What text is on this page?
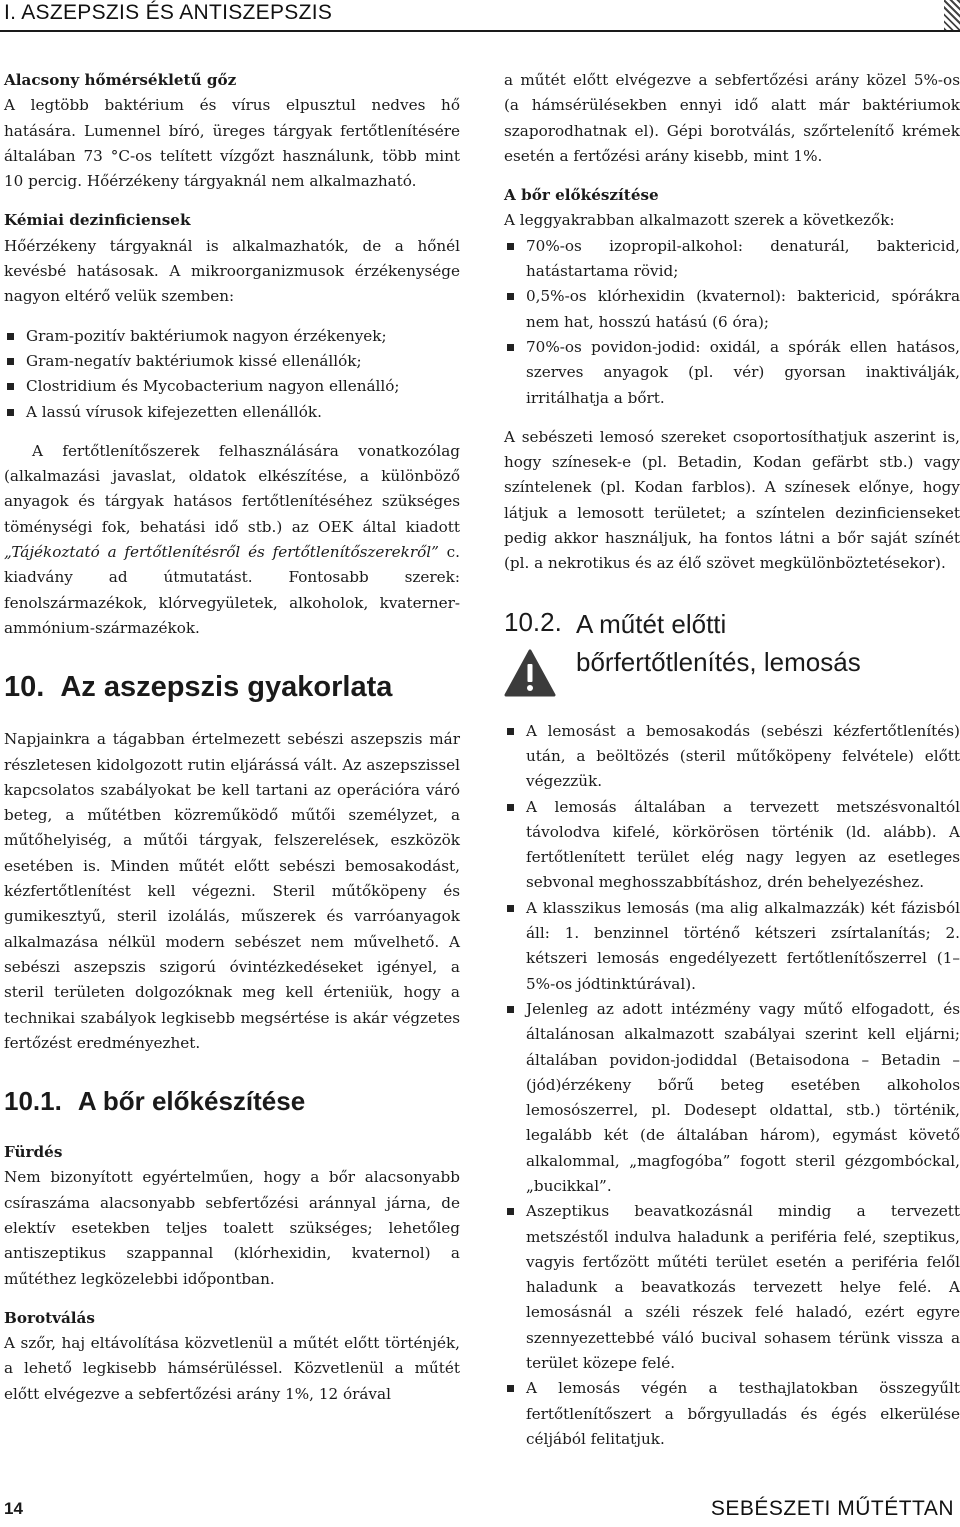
I. ASZEPSZIS ÉS ANTISZEPSZIS

Alacsony hőmérsékletű gőz

A legtöbb baktérium és vírus elpusztul nedves hő hatására. Lumennel bíró, üreges tárgyak fertőtlenítésére általában 73 °C-os telített vízgőzt használunk, több mint 10 percig. Hőérzékeny tárgyaknál nem alkalmazható.

Kémiai dezinficiensek

Hőérzékeny tárgyaknál is alkalmazhatók, de a hőnél kevésbé hatásosak. A mikroorganizmusok érzékenysége nagyon eltérő velük szemben:

Gram-pozitív baktériumok nagyon érzékenyek;
Gram-negatív baktériumok kissé ellenállók;
Clostridium és Mycobacterium nagyon ellenálló;
A lassú vírusok kifejezetten ellenállók.

A fertőtlenítőszerek felhasználására vonatkozólag (alkalmazási javaslat, oldatok elkészítése, a különböző anyagok és tárgyak hatásos fertőtlenítéséhez szükséges töménységi fok, behatási idő stb.) az OEK által kiadott „Tájékoztató a fertőtlenítésről és fertőtlenítőszerekről” c. kiadvány ad útmutatást. Fontosabb szerek: fenolszármazékok, klórvegyületek, alkoholok, kvaterner-ammónium-származékok.

10. Az aszepszis gyakorlata

Napjainkra a tágabban értelmezett sebészi aszepszis már részletesen kidolgozott rutin eljárássá vált. Az aszepszissel kapcsolatos szabályokat be kell tartani az operációra váró beteg, a műtétben közreműködő műtői személyzet, a műtőhelyiség, a műtői tárgyak, felszerelések, eszközök esetében is. Minden műtét előtt sebészi bemosakodást, kézfertőtlenítést kell végezni. Steril műtőköpeny és gumikesztyű, steril izolálás, műszerek és varróanyagok alkalmazása nélkül modern sebészet nem művelhető. A sebészi aszepszis szigorú óvintézkedéseket igényel, a steril területen dolgozóknak meg kell érteniük, hogy a technikai szabályok legkisebb megsértése is akár végzetes fertőzést eredményezhet.

10.1. A bőr előkészítése

Fürdés

Nem bizonyított egyértelműen, hogy a bőr alacsonyabb csíraszáma alacsonyabb sebfertőzési aránnyal járna, de elektív esetekben teljes toalett szükséges; lehetőleg antiszeptikus szappannal (klórhexidin, kvaternol) a műtéthez legközelebbi időpontban.

Borotválás

A szőr, haj eltávolítása közvetlenül a műtét előtt történjék, a lehető legkisebb hámsérüléssel. Közvetlenül a műtét előtt elvégezve a sebfertőzési arány 1%, 12 órával

a műtét előtt elvégezve a sebfertőzési arány közel 5%-os (a hámsérülésekben ennyi idő alatt már baktériumok szaporodhatnak el). Gépi borotválás, szőrtelenítő krémek esetén a fertőzési arány kisebb, mint 1%.

A bőr előkészítése

A leggyakrabban alkalmazott szerek a következők:

70%-os izopropil-alkohol: denaturál, baktericid, hatástartama rövid;
0,5%-os klórhexidin (kvaternol): baktericid, spórákra nem hat, hosszú hatású (6 óra);
70%-os povidon-jodid: oxidál, a spórák ellen hatásos, szerves anyagok (pl. vér) gyorsan inaktiválják, irritálhatja a bőrt.

A sebészeti lemosó szereket csoportosíthatjuk aszerint is, hogy színesek-e (pl. Betadin, Kodan gefärbt stb.) vagy színtelenek (pl. Kodan farblos). A színesek előnye, hogy látjuk a lemosott területet; a színtelen dezinficienseket pedig akkor használjuk, ha fontos látni a bőr saját színét (pl. a nekrotikus és az élő szövet megkülönböztetésekor).

10.2. A műtét előtti
bőrfertőtlenítés, lemosás
A lemosást a bemosakodás (sebészi kézfertőtlenítés) után, a beöltözés (steril műtőköpeny felvétele) előtt végezzük.
A lemosás általában a tervezett metszésvonaltól távolodva kifelé, körkörösen történik (ld. alább). A fertőtlenített terület elég nagy legyen az esetleges sebvonal meghosszabbításhoz, drén behelyezéshez.
A klasszikus lemosás (ma alig alkalmazzák) két fázisból áll: 1. benzinnel történő kétszeri zsírtalanítás; 2. kétszeri lemosás engedélyezett fertőtlenítőszerrel (1–5%-os jódtinktúrával).
Jelenleg az adott intézmény vagy műtő elfogadott, és általánosan alkalmazott szabályai szerint kell eljárni; általában povidon-jodiddal (Betaisodona – Betadin – (jód)érzékeny bőrű beteg esetében alkoholos lemosószerrel, pl. Dodesept oldattal, stb.) történik, legalább két (de általában három), egymást követő alkalommal, „magfogóba” fogott steril gézgombóckal, „bucikkal”.
Aszeptikus beavatkozásnál mindig a tervezett metszéstől indulva haladunk a periféria felé, szeptikus, vagyis fertőzött műtéti terület esetén a periféria felől haladunk a beavatkozás tervezett helye felé. A lemosásnál a széli részek felé haladó, ezért egyre szennyezettebbé váló bucival sohasem térünk vissza a terület közepe felé.
A lemosás végén a testhajlatokban összegyűlt fertőtlenítőszert a bőrgyulladás és égés elkerülése céljából felitatjuk.
14	SEBÉSZETI MŰTÉTTAN
